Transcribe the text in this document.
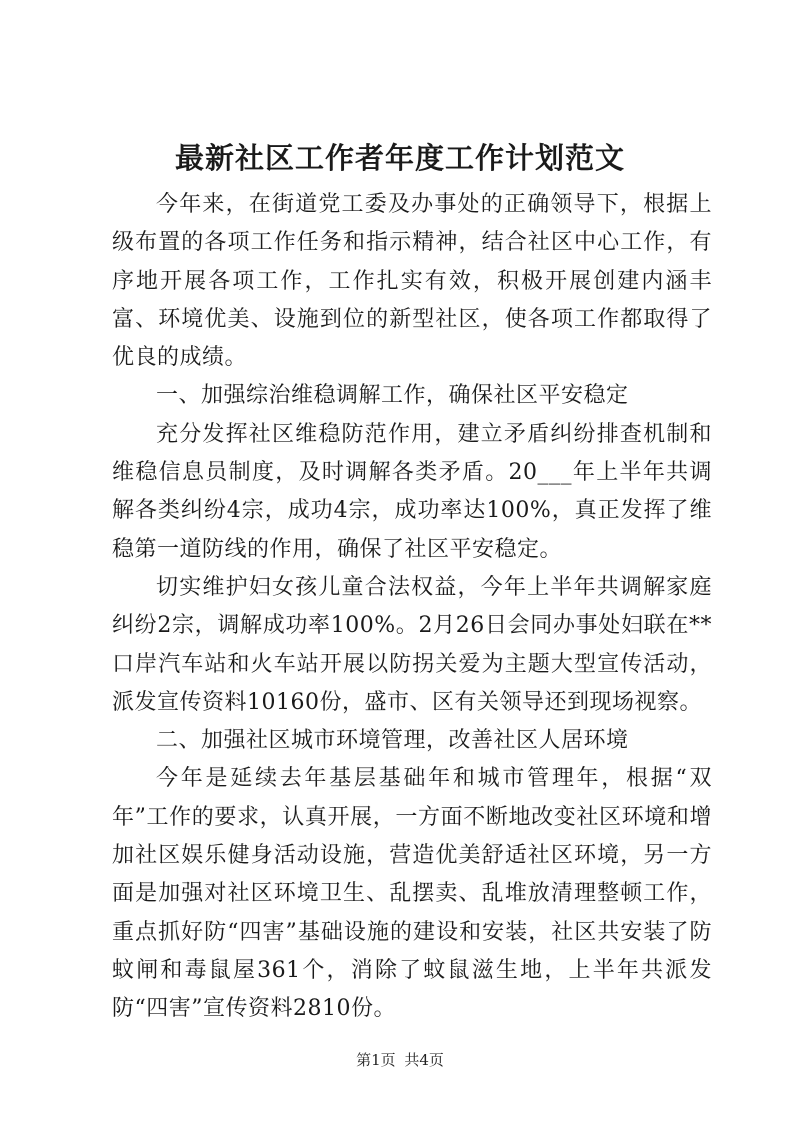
最新社区工作者年度工作计划范文

今年来，在街道党工委及办事处的正确领导下，根据上级布置的各项工作任务和指示精神，结合社区中心工作，有序地开展各项工作，工作扎实有效，积极开展创建内涵丰富、环境优美、设施到位的新型社区，使各项工作都取得了优良的成绩。

一、加强综治维稳调解工作，确保社区平安稳定

充分发挥社区维稳防范作用，建立矛盾纠纷排查机制和维稳信息员制度，及时调解各类矛盾。20___年上半年共调解各类纠纷4宗，成功4宗，成功率达100%，真正发挥了维稳第一道防线的作用，确保了社区平安稳定。

切实维护妇女孩儿童合法权益，今年上半年共调解家庭纠纷2宗，调解成功率100%。2月26日会同办事处妇联在**口岸汽车站和火车站开展以防拐关爱为主题大型宣传活动，派发宣传资料10160份，盛市、区有关领导还到现场视察。

二、加强社区城市环境管理，改善社区人居环境

今年是延续去年基层基础年和城市管理年，根据“双年”工作的要求，认真开展，一方面不断地改变社区环境和增加社区娱乐健身活动设施，营造优美舒适社区环境，另一方面是加强对社区环境卫生、乱摆卖、乱堆放清理整顿工作，重点抓好防“四害”基础设施的建设和安装，社区共安装了防蚊闸和毒鼠屋361个，消除了蚊鼠滋生地，上半年共派发防“四害”宣传资料2810份。

第1页 共4页
